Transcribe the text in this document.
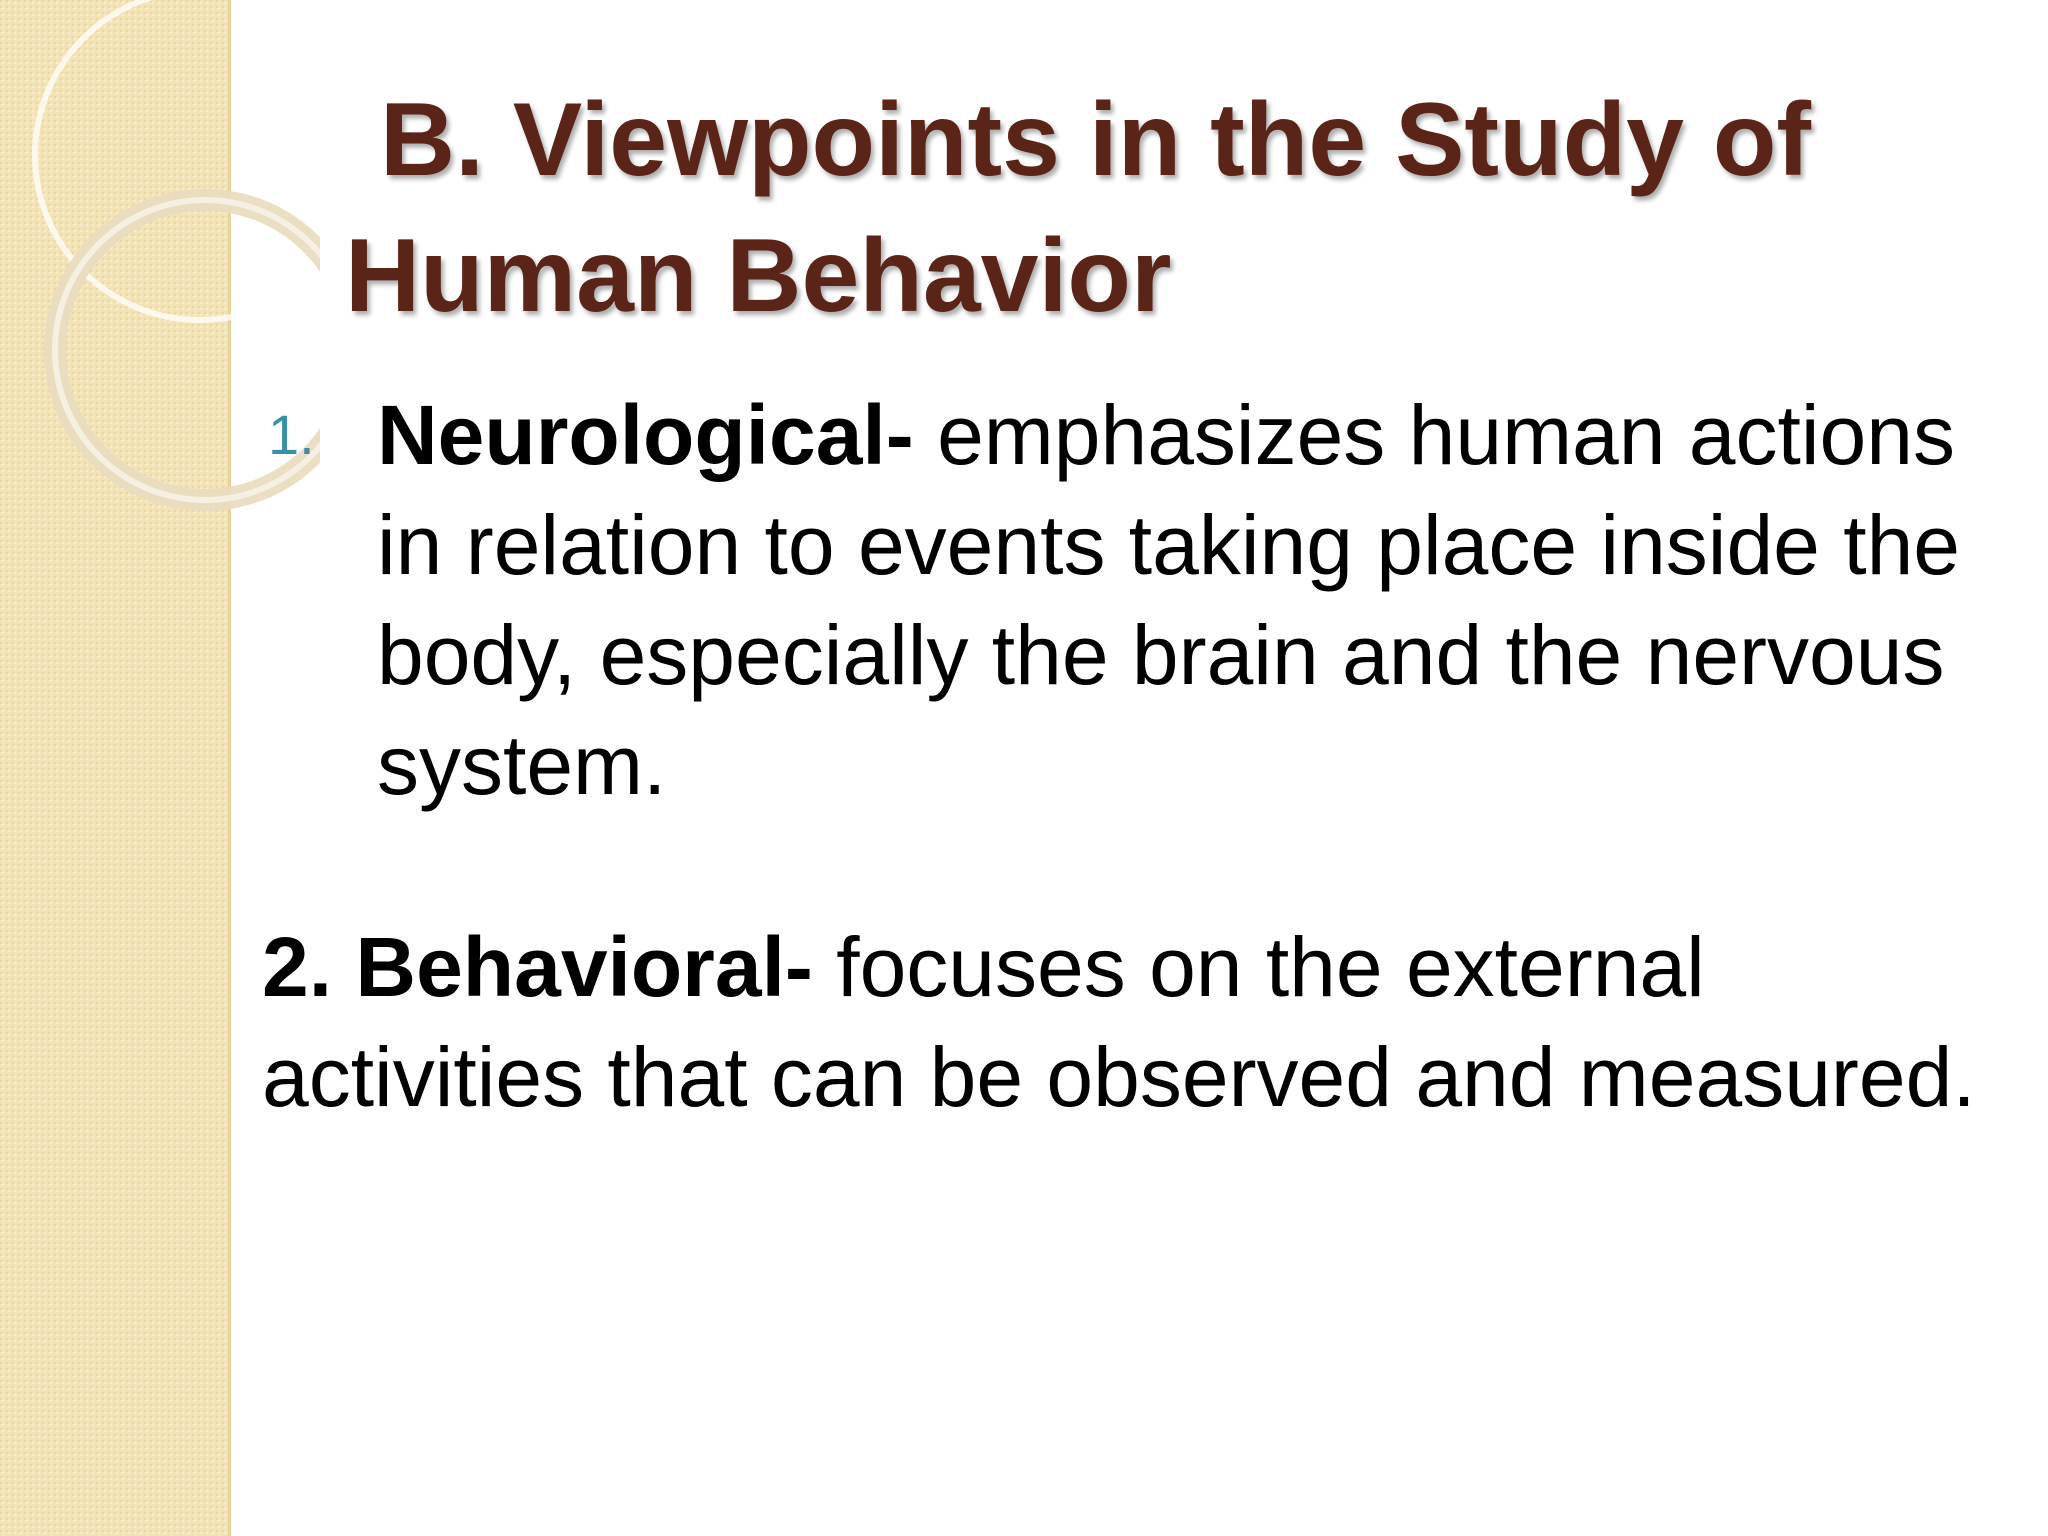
B. Viewpoints in the Study of
Human Behavior
1. Neurological- emphasizes human actions in relation to events taking place inside the body, especially the brain and the nervous system.
2. Behavioral- focuses on the external activities that can be observed and measured.
